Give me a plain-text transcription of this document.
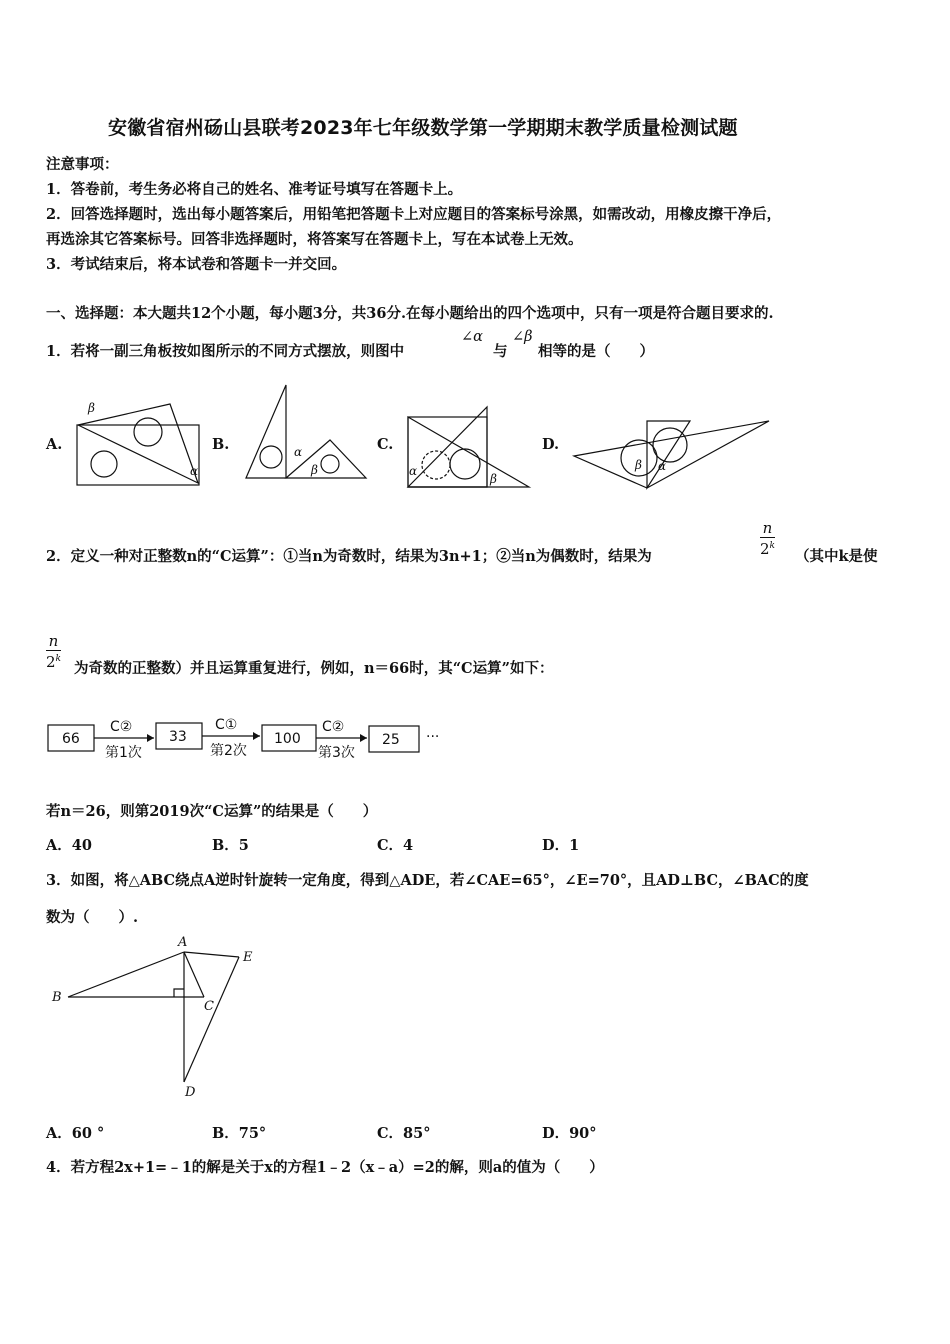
安徽省宿州砀山县联考2023年七年级数学第一学期期末教学质量检测试题
注意事项：
1．答卷前，考生务必将自己的姓名、准考证号填写在答题卡上。
2．回答选择题时，选出每小题答案后，用铅笔把答题卡上对应题目的答案标号涂黑，如需改动，用橡皮擦干净后，
再选涂其它答案标号。回答非选择题时，将答案写在答题卡上，写在本试卷上无效。
3．考试结束后，将本试卷和答题卡一并交回。
一、选择题：本大题共12个小题，每小题3分，共36分.在每小题给出的四个选项中，只有一项是符合题目要求的.
1．若将一副三角板按如图所示的不同方式摆放，则图中
∠α
与
∠β
相等的是（　　）
A.	B.	C.	D.
β
α
α
β	α
β
β α
2．定义一种对正整数n的“C运算”：①当n为奇数时，结果为3n+1；②当n为偶数时，结果为	$\frac{n}{2^k}$ （其中k是使
$\frac{n}{2^k}$ 为奇数的正整数）并且运算重复进行，例如，n＝66时，其“C运算”如下：
66	33	100	25
C②	C①	C②
第1次	第2次	第3次
···
若n＝26，则第2019次“C运算”的结果是（　　）
A．40	B．5	C．4	D．1
3．如图，将△ABC绕点A逆时针旋转一定角度，得到△ADE，若∠CAE=65°，∠E=70°，且AD⊥BC，∠BAC的度
数为（　　）.
A
B
C
D
E
A．60 °	B．75°	C．85°	D．90°
4．若方程2x+1=﹣1的解是关于x的方程1﹣2（x﹣a）=2的解，则a的值为（　　）
